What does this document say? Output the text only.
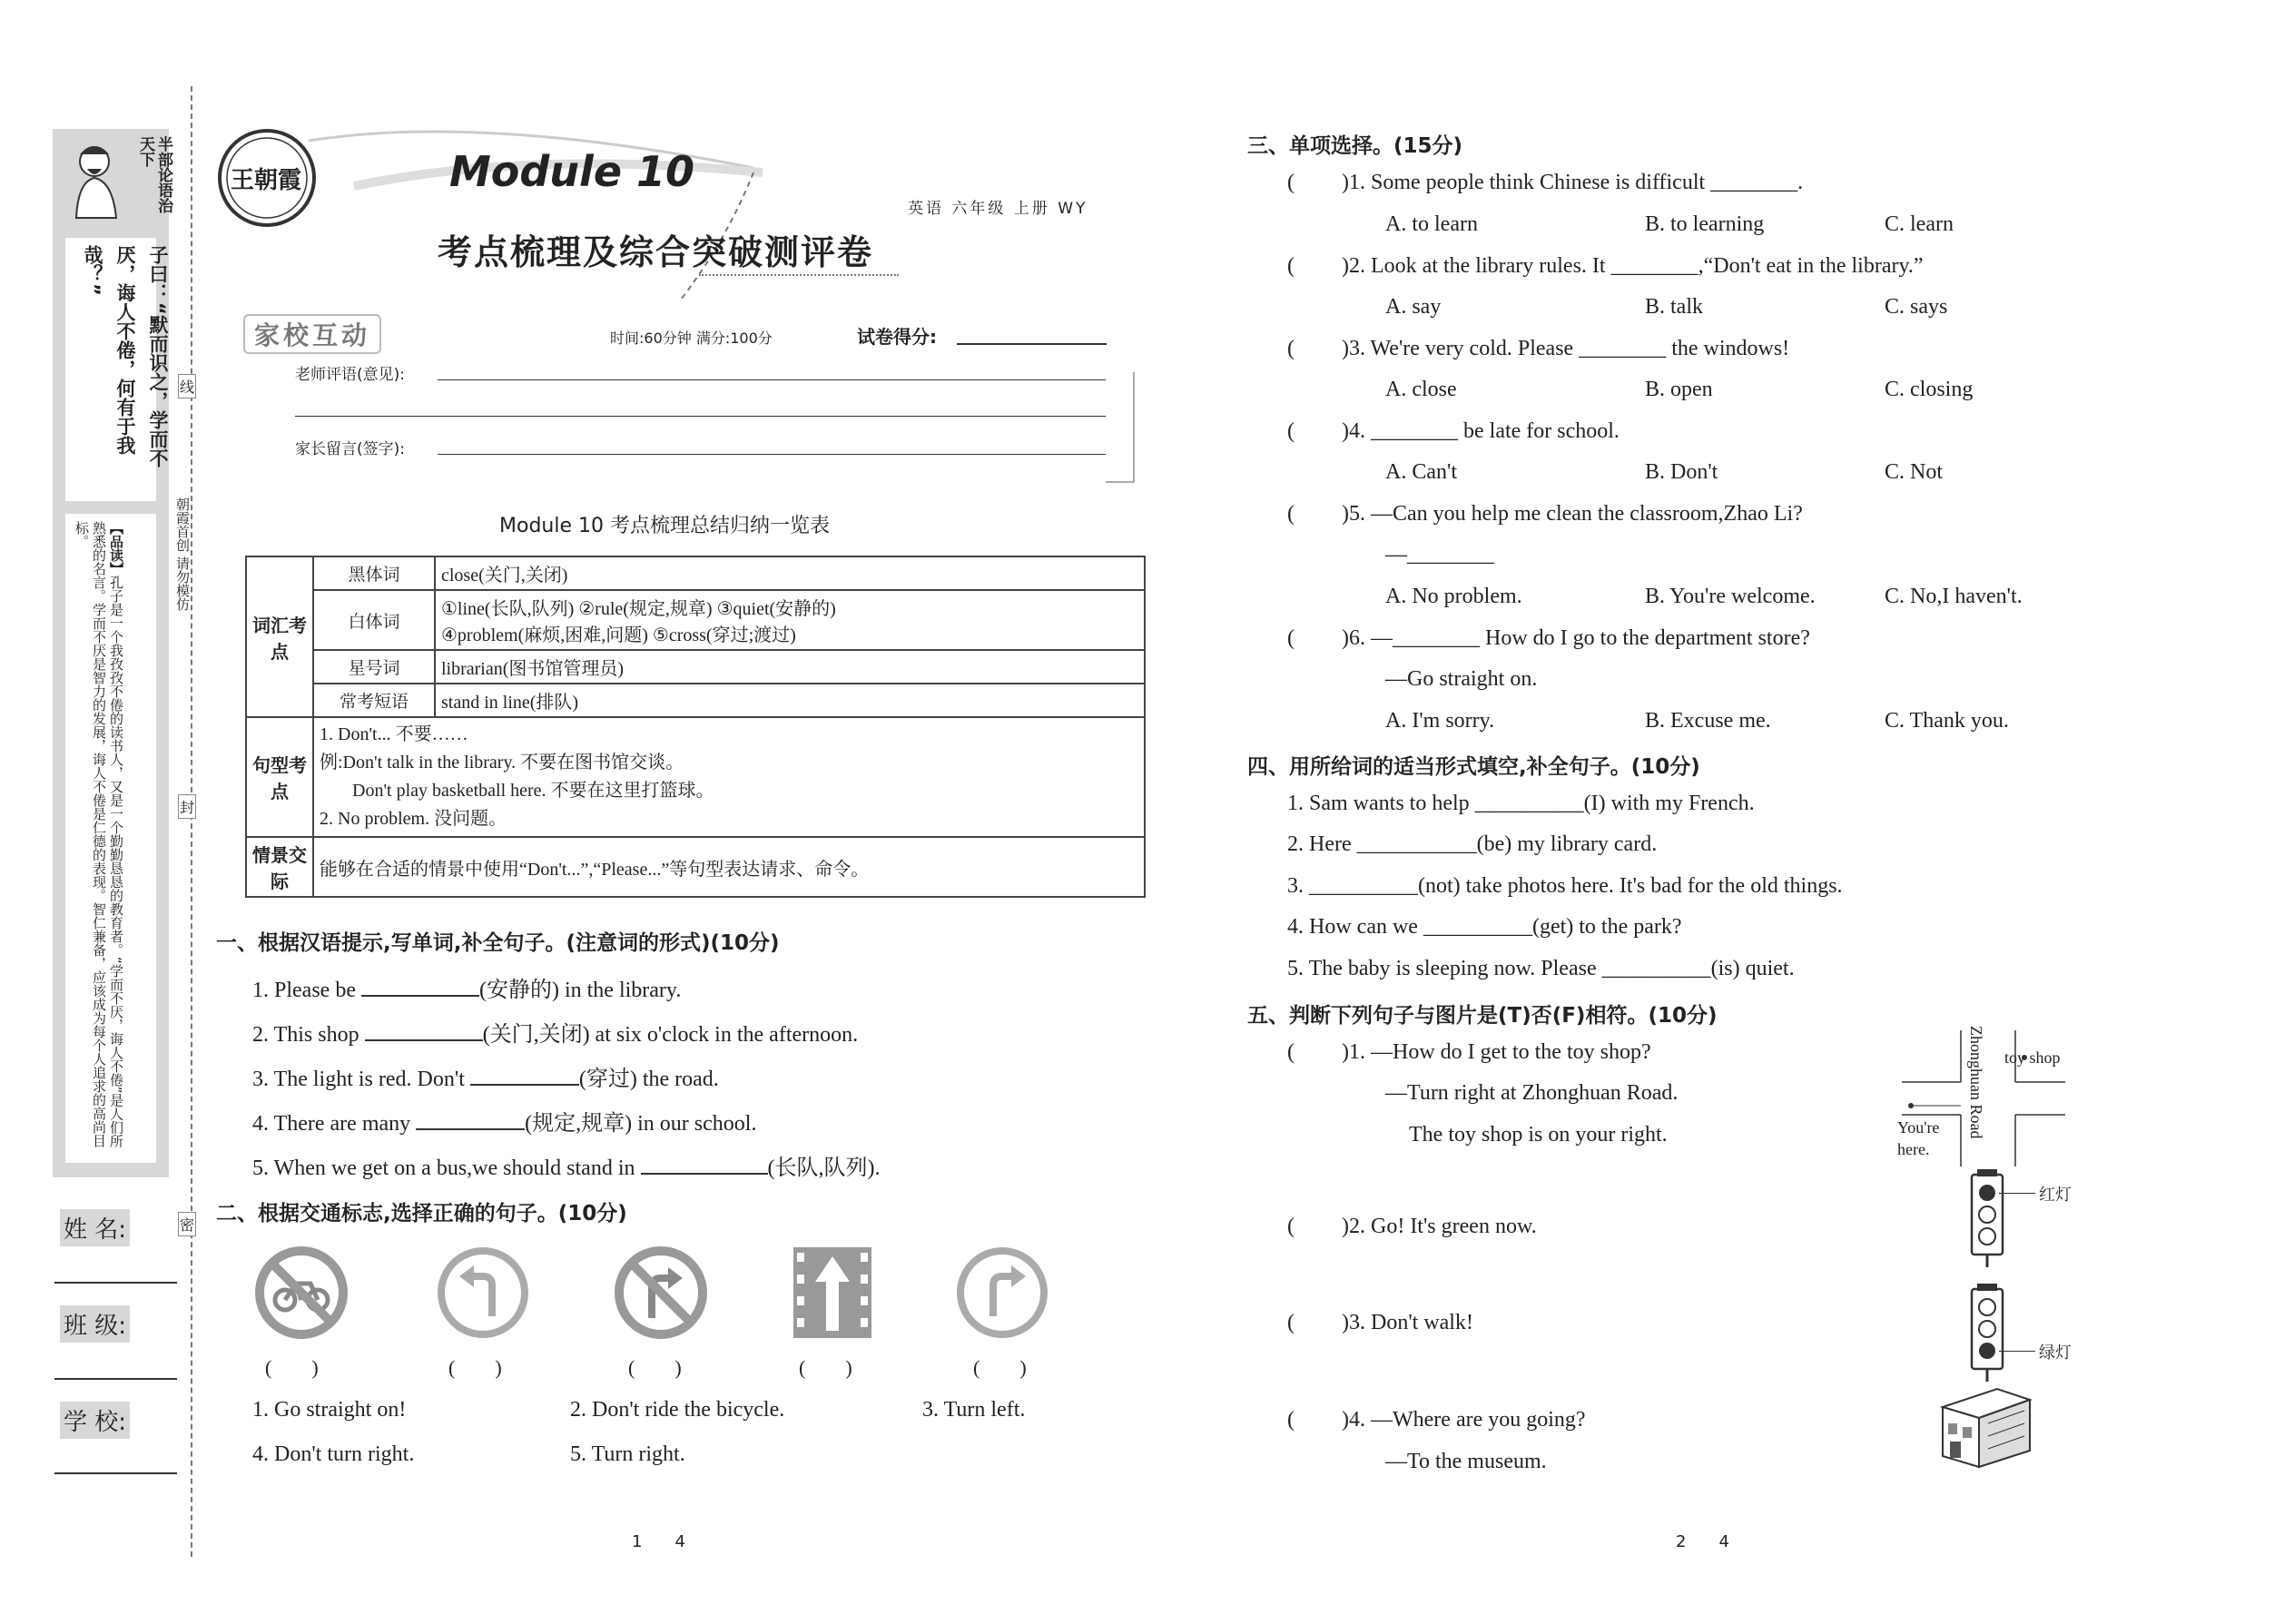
半部论语治天下
子曰：“默而识之，学而不厌，诲人不倦，何有于我哉？”
【品读】孔子是一个我孜孜不倦的读书人，又是一个勤勤恳恳的教育者。“学而不厌，诲人不倦”是人们所熟悉的名言。学而不厌是智力的发展，诲人不倦是仁德的表现。智仁兼备，应该成为每个人追求的高尚目标。
姓 名:
班 级:
学 校:
线
封
密
朝霞首创 请勿模仿
王朝霞	Module 10
考点梳理及综合突破测评卷
英语 六年级 上册 WY
家校互动	时间:60分钟 满分:100分	试卷得分:
老师评语(意见):
家长留言(签字):
Module 10 考点梳理总结归纳一览表
词汇考点	黑体词	close(关门,关闭)
	白体词	①line(长队,队列) ②rule(规定,规章) ③quiet(安静的)
④problem(麻烦,困难,问题) ⑤cross(穿过;渡过)

	星号词	librarian(图书馆管理员)
	常考短语	stand in line(排队)
句型考点	1. Don't... 不要……
例:Don't talk in the library. 不要在图书馆交谈。
Don't play basketball here. 不要在这里打篮球。
2. No problem. 没问题。	

情景交际	能够在合适的情景中使用“Don't...”,“Please...”等句型表达请求、命令。	
一、根据汉语提示,写单词,补全句子。(注意词的形式)(10分)
1. Please be	(安静的) in the library.
2. This shop	(关门,关闭) at six o'clock in the afternoon.
3. The light is red. Don't	(穿过) the road.
4. There are many	(规定,规章) in our school.
5. When we get on a bus,we should stand in	(长队,队列).
二、根据交通标志,选择正确的句子。(10分)
(　　)	(　　)	(　　)	(　　)	(　　)
1. Go straight on!	2. Don't ride the bicycle.	3. Turn left.
4. Don't turn right.	5. Turn right.
1　　4
三、单项选择。(15分)
( )1. Some people think Chinese is difficult ________.
A. to learn	B. to learning	C. learn
( )2. Look at the library rules. It ________,“Don't eat in the library.”
A. say	B. talk	C. says
( )3. We're very cold. Please ________ the windows!
A. close	B. open	C. closing
( )4. ________ be late for school.
A. Can't	B. Don't	C. Not
( )5. —Can you help me clean the classroom,Zhao Li?
—________
A. No problem.	B. You're welcome.	C. No,I haven't.
( )6. —________ How do I go to the department store?
—Go straight on.
A. I'm sorry.	B. Excuse me.	C. Thank you.
四、用所给词的适当形式填空,补全句子。(10分)
1. Sam wants to help __________(I) with my French.
2. Here ___________(be) my library card.
3. __________(not) take photos here. It's bad for the old things.
4. How can we __________(get) to the park?
5. The baby is sleeping now. Please __________(is) quiet.
五、判断下列句子与图片是(T)否(F)相符。(10分)
( )1. —How do I get to the toy shop?
—Turn right at Zhonghuan Road.
The toy shop is on your right.	Zhonghuan Road toy shop
You're
here.
( )2. Go! It's green now.
红灯
( )3. Don't walk!
绿灯
( )4. —Where are you going?
—To the museum.
2　　4
